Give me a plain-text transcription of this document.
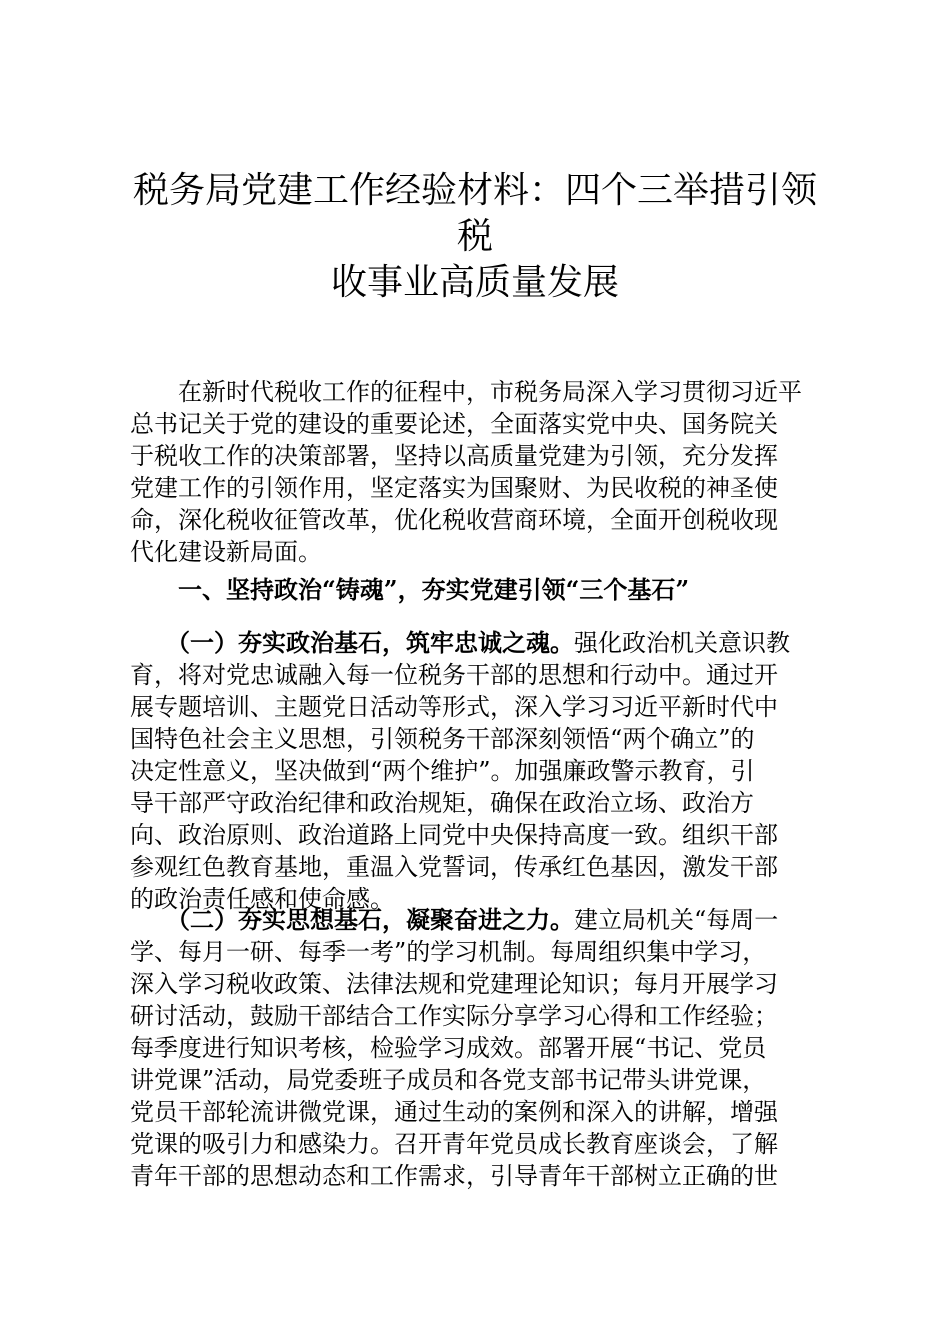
税务局党建工作经验材料：四个三举措引领税
收事业高质量发展
　　在新时代税收工作的征程中，市税务局深入学习贯彻习近平
总书记关于党的建设的重要论述，全面落实党中央、国务院关
于税收工作的决策部署，坚持以高质量党建为引领，充分发挥
党建工作的引领作用，坚定落实为国聚财、为民收税的神圣使
命，深化税收征管改革，优化税收营商环境，全面开创税收现
代化建设新局面。
　　一、坚持政治“铸魂”，夯实党建引领“三个基石”
　　（一）夯实政治基石，筑牢忠诚之魂。强化政治机关意识教
育，将对党忠诚融入每一位税务干部的思想和行动中。通过开
展专题培训、主题党日活动等形式，深入学习习近平新时代中
国特色社会主义思想，引领税务干部深刻领悟“两个确立”的
决定性意义，坚决做到“两个维护”。加强廉政警示教育，引
导干部严守政治纪律和政治规矩，确保在政治立场、政治方
向、政治原则、政治道路上同党中央保持高度一致。组织干部
参观红色教育基地，重温入党誓词，传承红色基因，激发干部
的政治责任感和使命感。
　　（二）夯实思想基石，凝聚奋进之力。建立局机关“每周一
学、每月一研、每季一考”的学习机制。每周组织集中学习，
深入学习税收政策、法律法规和党建理论知识；每月开展学习
研讨活动，鼓励干部结合工作实际分享学习心得和工作经验；
每季度进行知识考核，检验学习成效。部署开展“书记、党员
讲党课”活动，局党委班子成员和各党支部书记带头讲党课，
党员干部轮流讲微党课，通过生动的案例和深入的讲解，增强
党课的吸引力和感染力。召开青年党员成长教育座谈会，了解
青年干部的思想动态和工作需求，引导青年干部树立正确的世
